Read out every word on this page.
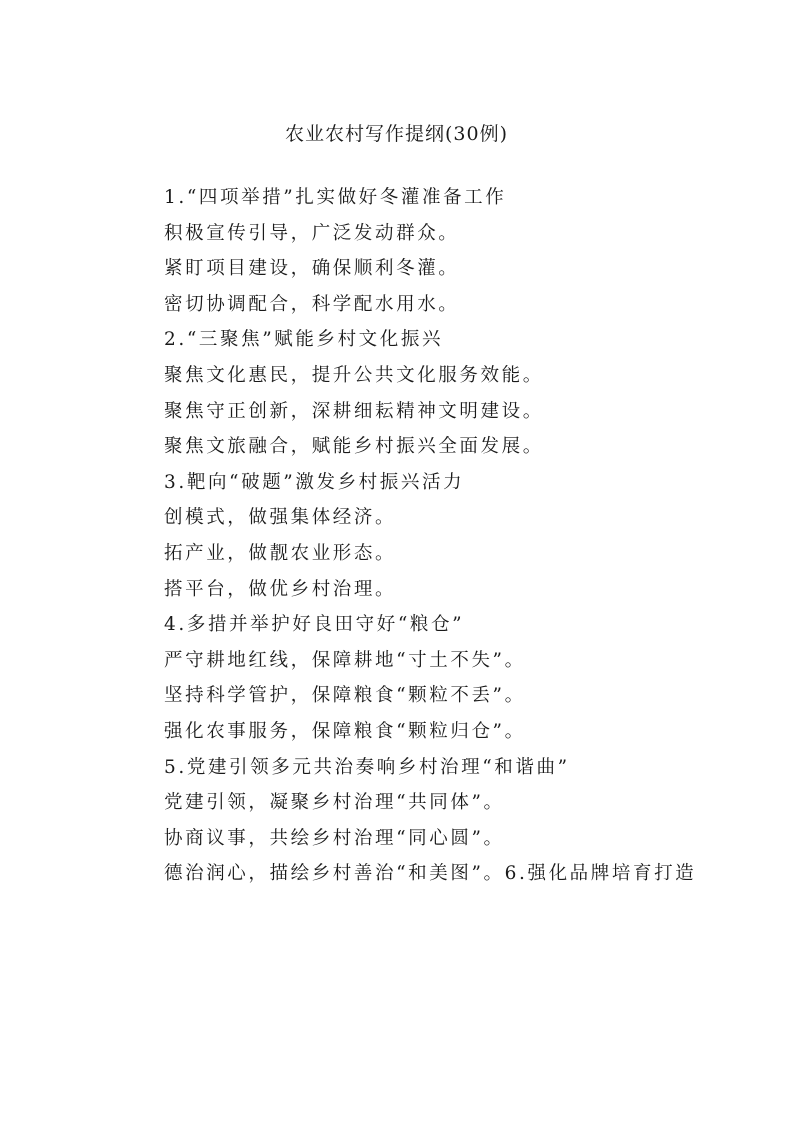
农业农村写作提纲(30例)
1.“四项举措”扎实做好冬灌准备工作
积极宣传引导，广泛发动群众。
紧盯项目建设，确保顺利冬灌。
密切协调配合，科学配水用水。
2.“三聚焦”赋能乡村文化振兴
聚焦文化惠民，提升公共文化服务效能。
聚焦守正创新，深耕细耘精神文明建设。
聚焦文旅融合，赋能乡村振兴全面发展。
3.靶向“破题”激发乡村振兴活力
创模式，做强集体经济。
拓产业，做靓农业形态。
搭平台，做优乡村治理。
4.多措并举护好良田守好“粮仓”
严守耕地红线，保障耕地“寸土不失”。
坚持科学管护，保障粮食“颗粒不丢”。
强化农事服务，保障粮食“颗粒归仓”。
5.党建引领多元共治奏响乡村治理“和谐曲”
党建引领，凝聚乡村治理“共同体”。
协商议事，共绘乡村治理“同心圆”。
德治润心，描绘乡村善治“和美图”。6.强化品牌培育打造
